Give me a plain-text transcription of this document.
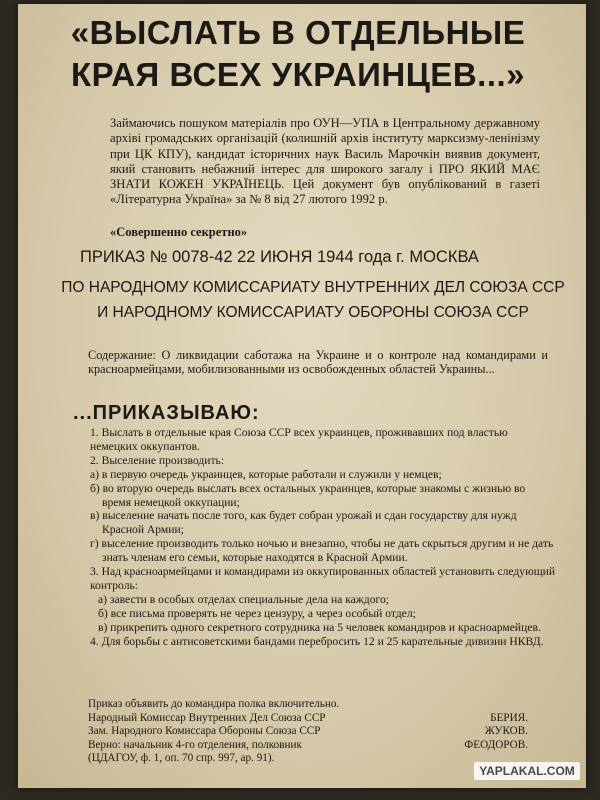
«ВЫСЛАТЬ В ОТДЕЛЬНЫЕ КРАЯ ВСЕХ УКРАИНЦЕВ...»

Займаючись пошуком матеріалів про ОУН—УПА в Центральному державному архіві громадських організацій (колишній архів інституту марксизму-ленінізму при ЦК КПУ), кандидат історичних наук Василь Марочкін виявив документ, який становить небажний інтерес для широкого загалу і ПРО ЯКИЙ МАЄ ЗНАТИ КОЖЕН УКРАЇНЕЦЬ. Цей документ був опублікований в газеті «Літературна Україна» за № 8 від 27 лютого 1992 р.

«Совершенно секретно»

ПРИКАЗ № 0078-42 22 ИЮНЯ 1944 года г. МОСКВА

ПО НАРОДНОМУ КОМИССАРИАТУ ВНУТРЕННИХ ДЕЛ СОЮЗА ССР И НАРОДНОМУ КОМИССАРИАТУ ОБОРОНЫ СОЮЗА ССР

Содержание: О ликвидации саботажа на Украине и о контроле над командирами и красноармейцами, мобилизованными из освобожденных областей Украины...

...ПРИКАЗЫВАЮ:

1. Выслать в отдельные края Союза ССР всех украинцев, проживавших под властью немецких оккупантов.

2. Выселение производить:

а) в первую очередь украинцев, которые работали и служили у немцев;

б) во вторую очередь выслать всех остальных украинцев, которые знакомы с жизнью во время немецкой оккупации;

в) выселение начать после того, как будет собран урожай и сдан государству для нужд Красной Армии;

г) выселение производить только ночью и внезапно, чтобы не дать скрыться другим и не дать знать членам его семьи, которые находятся в Красной Армии.

3. Над красноармейцами и командирами из оккупированных областей установить следующий контроль:

а) завести в особых отделах специальные дела на каждого;

б) все письма проверять не через цензуру, а через особый отдел;

в) прикрепить одного секретного сотрудника на 5 человек командиров и красноармейцев.

4. Для борьбы с антисоветскими бандами перебросить 12 и 25 карательные дивизии НКВД.

Приказ объявить до командира полка включительно.
Народный Комиссар Внутренних Дел Союза ССР	БЕРИЯ.
Зам. Народного Комиссара Обороны Союза ССР	ЖУКОВ.
Верно: начальник 4-го отделения, полковник	ФЕОДОРОВ.
(ЦДАГОУ, ф. 1, оп. 70 спр. 997, ар. 91).
YAPLAKAL.COM
